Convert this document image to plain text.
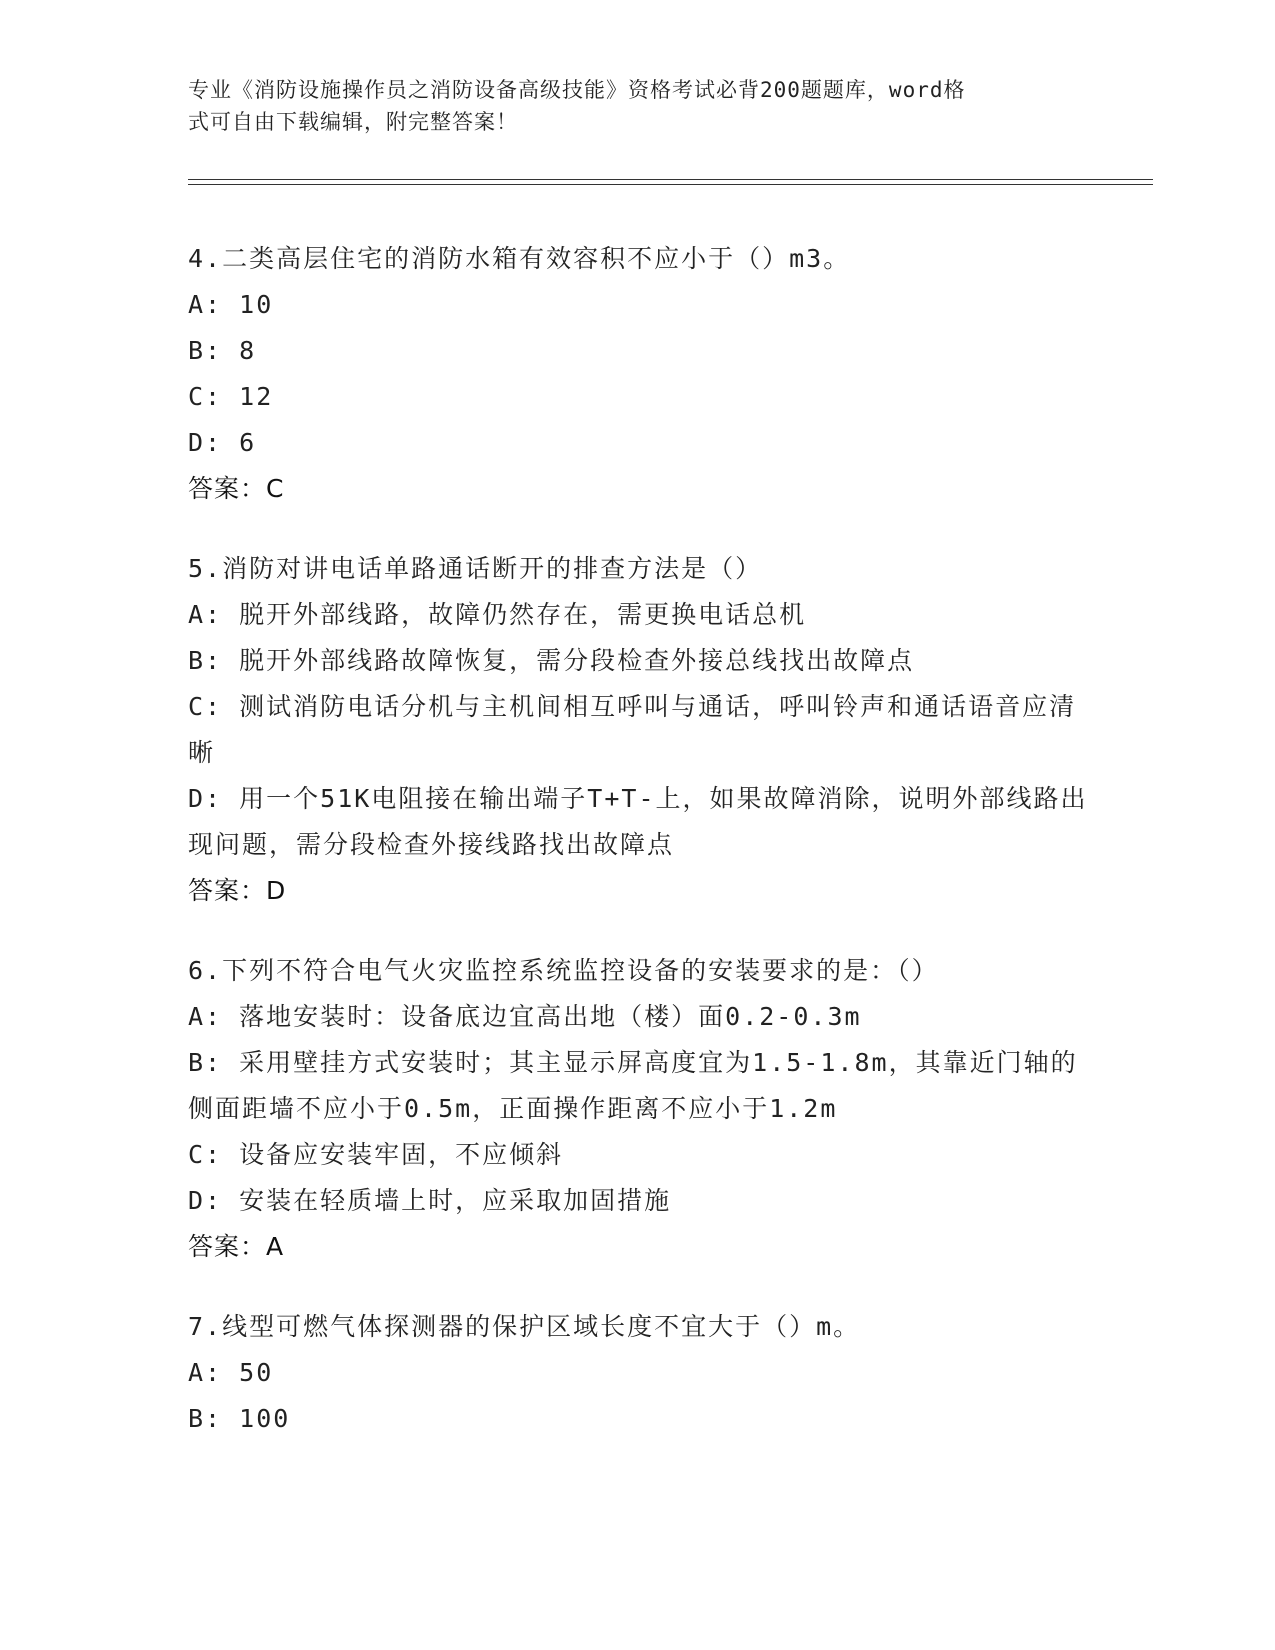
专业《消防设施操作员之消防设备高级技能》资格考试必背200题题库，word格
式可自由下载编辑，附完整答案！
4.二类高层住宅的消防水箱有效容积不应小于（）m3。
A: 10
B: 8
C: 12
D: 6
答案：C
5.消防对讲电话单路通话断开的排查方法是（）
A: 脱开外部线路，故障仍然存在，需更换电话总机
B: 脱开外部线路故障恢复，需分段检查外接总线找出故障点
C: 测试消防电话分机与主机间相互呼叫与通话，呼叫铃声和通话语音应清晰
D: 用一个51K电阻接在输出端子T+T-上，如果故障消除，说明外部线路出现问题，需分段检查外接线路找出故障点
答案：D
6.下列不符合电气火灾监控系统监控设备的安装要求的是：（）
A: 落地安装时：设备底边宜高出地（楼）面0.2-0.3m
B: 采用壁挂方式安装时；其主显示屏高度宜为1.5-1.8m，其靠近门轴的侧面距墙不应小于0.5m，正面操作距离不应小于1.2m
C: 设备应安装牢固，不应倾斜
D: 安装在轻质墙上时，应采取加固措施
答案：A
7.线型可燃气体探测器的保护区域长度不宜大于（）m。
A: 50
B: 100
